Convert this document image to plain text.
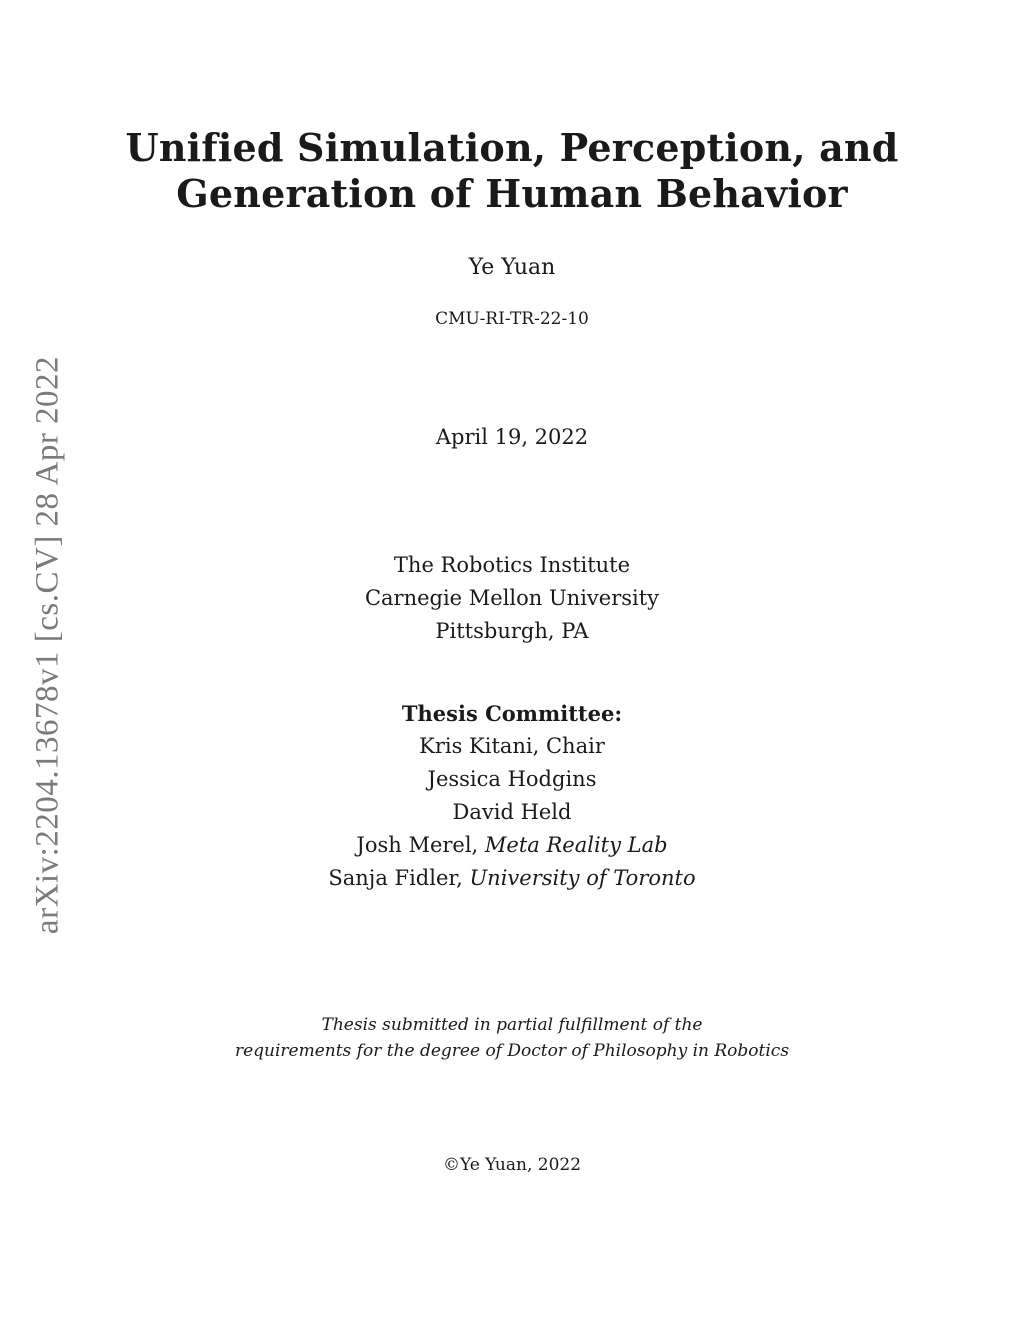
arXiv:2204.13678v1 [cs.CV] 28 Apr 2022
Unified Simulation, Perception, and
Generation of Human Behavior
Ye Yuan
CMU-RI-TR-22-10
April 19, 2022
The Robotics Institute
Carnegie Mellon University
Pittsburgh, PA
Thesis Committee:
Kris Kitani, Chair
Jessica Hodgins
David Held
Josh Merel, Meta Reality Lab
Sanja Fidler, University of Toronto
Thesis submitted in partial fulfillment of the
requirements for the degree of Doctor of Philosophy in Robotics
©Ye Yuan, 2022
